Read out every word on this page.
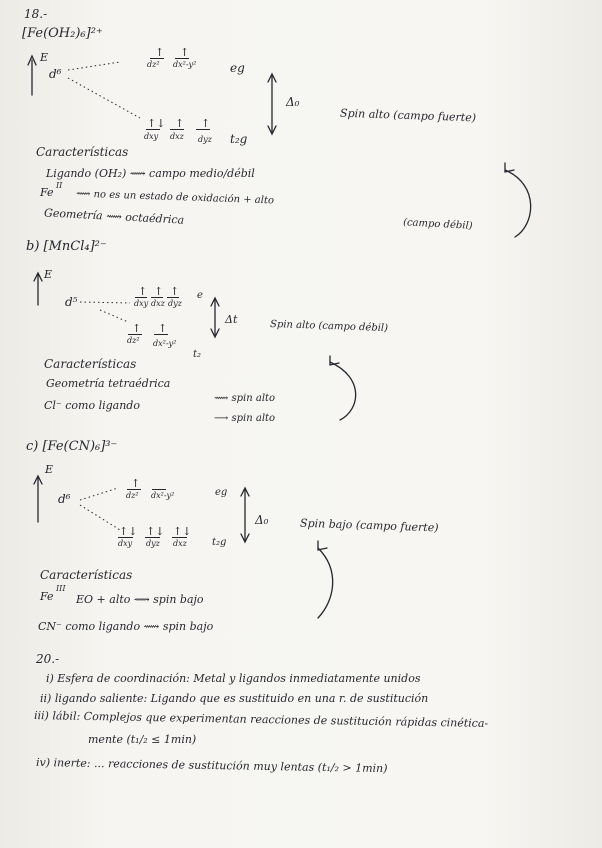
18.-
[Fe(OH₂)₆]²⁺
E
d⁶
↑ ↑
dz² dx²-y²	eg
↑↓ ↑ ↑
dxy dxz dyz t₂g
Δ₀
Spin alto (campo fuerte)
Características
Ligando (OH₂) ⟿ campo medio/débil
Fe
II
⟿ no es un estado de oxidación + alto
(campo débil)
Geometría ⟿ octaédrica
b) [MnCl₄]²⁻
E
d⁵
↑ ↑ ↑
dxy dxz dyz
e
↑ ↑
dz² dx²-y²
t₂
Δt	Spin alto (campo débil)
Características
Geometría tetraédrica
⟿ spin alto
Cl⁻ como ligando
⟶ spin alto
c) [Fe(CN)₆]³⁻
E
d⁶
↑
dz² dx²-y²	eg
↑↓ ↑↓ ↑↓
dxy dyz dxz	t₂g
Δ₀	Spin bajo (campo fuerte)
Características
Fe
III
EO + alto ⟿ spin bajo
CN⁻ como ligando ⟿ spin bajo
20.-
i) Esfera de coordinación: Metal y ligandos inmediatamente unidos
ii) ligando saliente: Ligando que es sustituido en una r. de sustitución
iii) lábil: Complejos que experimentan reacciones de sustitución rápidas cinética-
mente (t₁/₂ ≤ 1min)
iv) inerte: ... reacciones de sustitución muy lentas (t₁/₂ > 1min)
